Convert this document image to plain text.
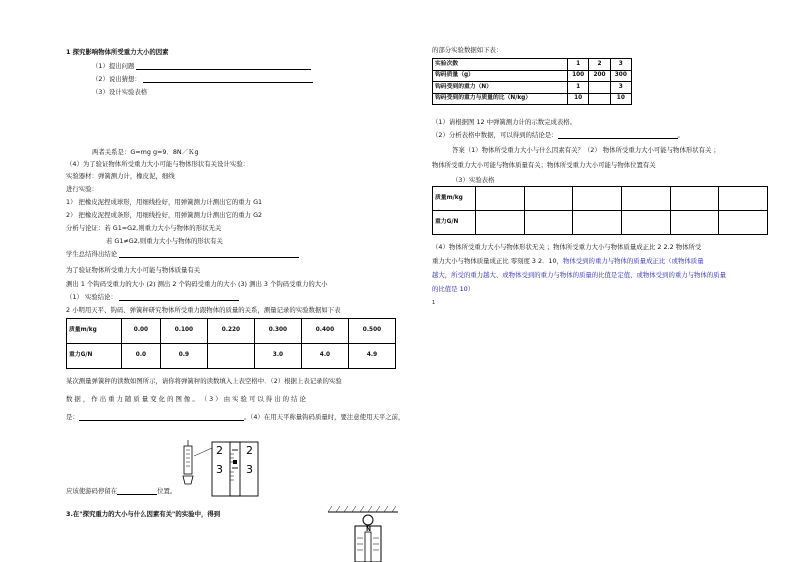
1 探究影响物体所受重力大小的因素
（1）提出问题
（2）说出猜想：
（3）设计实验表格
两者关系是：G=mg g=9．8N／Ｋg
（4）为了验证物体所受重力大小可能与物体形状有关设计实验：
实验器材：弹簧测力计，橡皮泥，细线
进行实验：
1） 把橡皮泥捏成球形，用细线拴好，用弹簧测力计测出它的重力 G1
2） 把橡皮泥捏成条形，用细线拴好，用弹簧测力计测出它的重力 G2
分析与论证：若 G1=G2,则重力大小与物体的形状无关
若 G1≠G2,则重力大小与物体的形状有关
学生总结得出结论
为了验证物体所受重力大小可能与物体质量有关
测出 1 个钩码受重力的大小 (2) 测出 2 个钩码受重力的大小 (3) 测出 3 个钩码受重力的大小
（1） 实验结论：
2 小明用天平、钩码、弹簧秤研究物体所受重力跟物体的质量的关系，测量记录的实验数据如下表
质量m/kg	0.00	0.100	0.220	0.300	0.400	0.500
重力G/N	0.0	0.9		3.0	4.0	4.9
某次测量弹簧秤的读数如图所示，请你将弹簧秤的读数填入上表空格中．（2）根据上表记录的实验
数 据 ， 作 出 重 力 随 质 量 变 化 的 图 像 。 （ 3 ） 由 实 验 可 以 得 出 的 结 论
是：	。（4）在用天平称量钩码质量时，要注意使用天平之前，
2 2
3 3
应该使游码停留在	位置。
3.在"探究重力的大小与什么因素有关"的实验中，得到
N
的部分实验数据如下表：
实验次数	1	2	3
钩码质量（g）	100	200	300
钩码受到的重力（N）	1		3
钩码受到的重力与质量的比（N/kg）	10		10
（1）请根据图 12 中弹簧测力计的示数完成表格。
（2）分析表格中数据，可以得到的结论是：	。
答案（1）物体所受重力大小与什么因素有关？（2） 物体所受重力大小可能与物体形状有关 ；
物体所受重力大小可能与物体质量有关；物体所受重力大小可能与物体位置有关
（3）实验表格
质量m/kg						
重力G/N						
（4）物体所受重力大小与物体形状无关 ；物体所受重力大小与物体质量成正比 2 2.2 物体所受
重力大小与物体质量成正比 零刻度 3 2．10，物体受到的重力与物体的质量成正比（或物体质量
越大，所受的重力越大、或物体受到的重力与物体的质量的比值是定值、或物体受到的重力与物体的质量
的比值是 10）
1
